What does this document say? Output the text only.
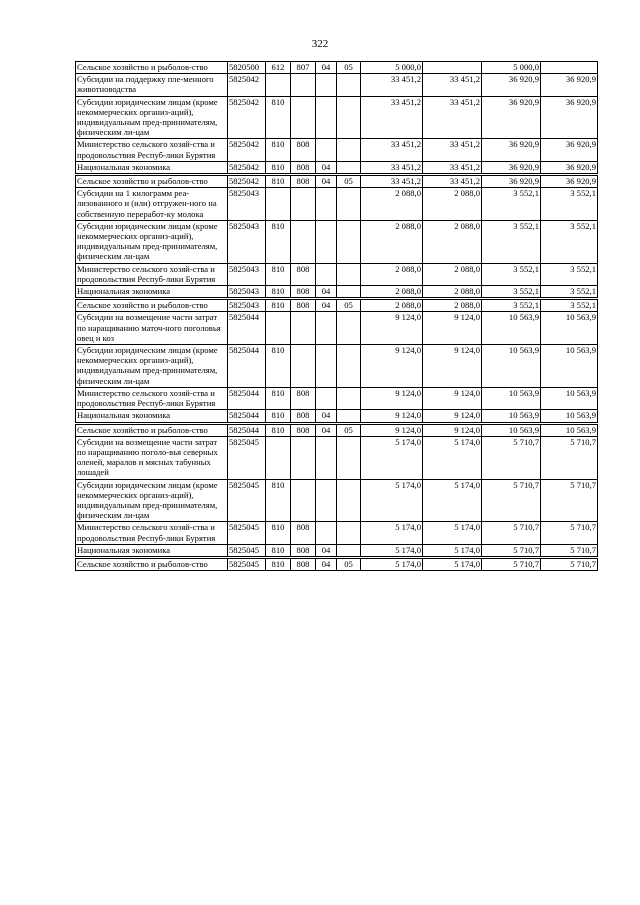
322
Сельское хозяйство и рыболов-ство	5820500	612	807	04	05	5 000,0		5 000,0	
Субсидии на поддержку пле-менного животноводства	5825042					33 451,2	33 451,2	36 920,9	36 920,9
Субсидии юридическим лицам (кроме некоммерческих организ-аций), индивидуальным пред-принимателям, физическим ли-цам	5825042	810				33 451,2	33 451,2	36 920,9	36 920,9
Министерство сельского хозяй-ства и продовольствия Респуб-лики Бурятия	5825042	810	808			33 451,2	33 451,2	36 920,9	36 920,9
Национальная экономика	5825042	810	808	04		33 451,2	33 451,2	36 920,9	36 920,9

Сельское хозяйство и рыболов-ство	5825042	810	808	04	05	33 451,2	33 451,2	36 920,9	36 920,9
Субсидии на 1 килограмм реа-лизованного и (или) отгружен-ного на собственную переработ-ку молока	5825043					2 088,0	2 088,0	3 552,1	3 552,1
Субсидии юридическим лицам (кроме некоммерческих организ-аций), индивидуальным пред-принимателям, физическим ли-цам	5825043	810				2 088,0	2 088,0	3 552,1	3 552,1
Министерство сельского хозяй-ства и продовольствия Респуб-лики Бурятия	5825043	810	808			2 088,0	2 088,0	3 552,1	3 552,1
Национальная экономика	5825043	810	808	04		2 088,0	2 088,0	3 552,1	3 552,1

Сельское хозяйство и рыболов-ство	5825043	810	808	04	05	2 088,0	2 088,0	3 552,1	3 552,1
Субсидии на возмещение части затрат по наращиванию маточ-ного поголовья овец и коз	5825044					9 124,0	9 124,0	10 563,9	10 563,9
Субсидии юридическим лицам (кроме некоммерческих организ-аций), индивидуальным пред-принимателям, физическим ли-цам	5825044	810				9 124,0	9 124,0	10 563,9	10 563,9
Министерство сельского хозяй-ства и продовольствия Респуб-лики Бурятия	5825044	810	808			9 124,0	9 124,0	10 563,9	10 563,9
Национальная экономика	5825044	810	808	04		9 124,0	9 124,0	10 563,9	10 563,9

Сельское хозяйство и рыболов-ство	5825044	810	808	04	05	9 124,0	9 124,0	10 563,9	10 563,9
Субсидии на возмещение части затрат по наращиванию поголо-вья северных оленей, маралов и мясных табунных лошадей	5825045					5 174,0	5 174,0	5 710,7	5 710,7
Субсидии юридическим лицам (кроме некоммерческих организ-аций), индивидуальным пред-принимателям, физическим ли-цам	5825045	810				5 174,0	5 174,0	5 710,7	5 710,7
Министерство сельского хозяй-ства и продовольствия Респуб-лики Бурятия	5825045	810	808			5 174,0	5 174,0	5 710,7	5 710,7
Национальная экономика	5825045	810	808	04		5 174,0	5 174,0	5 710,7	5 710,7

Сельское хозяйство и рыболов-ство	5825045	810	808	04	05	5 174,0	5 174,0	5 710,7	5 710,7
